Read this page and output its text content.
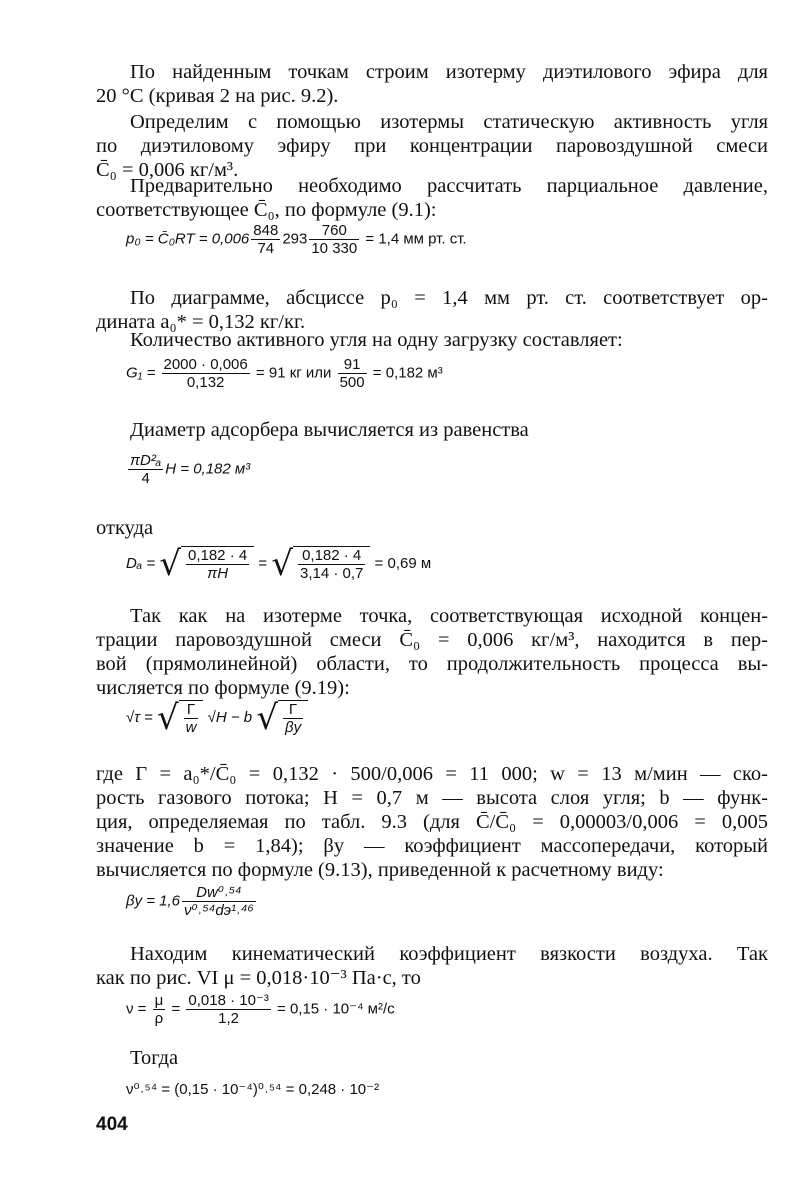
По найденным точкам строим изотерму диэтилового эфира для
20 °С (кривая 2 на рис. 9.2).
Определим с помощью изотермы статическую активность угля
по диэтиловому эфиру при концентрации паровоздушной смеси
C̄₀ = 0,006 кг/м³.
Предварительно необходимо рассчитать парциальное давление,
соответствующее C̄₀, по формуле (9.1):
p₀ = C̄₀RT = $0,006 \frac{848}{74} 293 \frac{760}{10 330} = 1,4$ мм рт. ст.
По диаграмме, абсциссе p₀ = 1,4 мм рт. ст. соответствует ор-
дината a₀* = 0,132 кг/кг.
Количество активного угля на одну загрузку составляет:
$G_1 = \frac{2000 \cdot 0,006}{0,132} = 91$ кг или $\frac{91}{500} = 0,182$ м³
Диаметр адсорбера вычисляется из равенства
$\frac{\text{πD²ₐ}}{4}$ H = 0,182 м³
откуда
Dₐ = √ $\frac{0,182 \cdot 4}{\pi H}$ = √ $\frac{0,182 \cdot 4}{3,14 \cdot 0,7} = 0,69$ м
Так как на изотерме точка, соответствующая исходной концен-
трации паровоздушной смеси C̄₀ = 0,006 кг/м³, находится в пер-
вой (прямолинейной) области, то продолжительность процесса вы-
числяется по формуле (9.19):
√τ = √ $\frac{\Gamma}{w} √H - b$ √ $\frac{\Gamma}{\beta y}$
где Γ = a₀*/C̄₀ = 0,132 · 500/0,006 = 11 000; w = 13 м/мин — ско-
рость газового потока; H = 0,7 м — высота слоя угля; b — функ-
ция, определяемая по табл. 9.3 (для C̄/C̄₀ = 0,00003/0,006 = 0,005
значение b = 1,84); βy — коэффициент массопередачи, который
вычисляется по формуле (9.13), приведенной к расчетному виду:
βy = 1,6	Dw⁰˒⁵⁴
ν⁰˒⁵⁴dэ¹˒⁴⁶
Находим кинематический коэффициент вязкости воздуха. Так
как по рис. VI μ = 0,018·10⁻³ Па·с, то
$\nu = \frac{\mu}{\rho} = \frac{\text{0,018 · 10⁻³}}{1,2} = 0,15 \cdot 10^{-4}$ м²/с
Тогда
ν⁰˒⁵⁴ = (0,15 · 10⁻⁴)⁰˒⁵⁴ = 0,248 · 10⁻²
404
